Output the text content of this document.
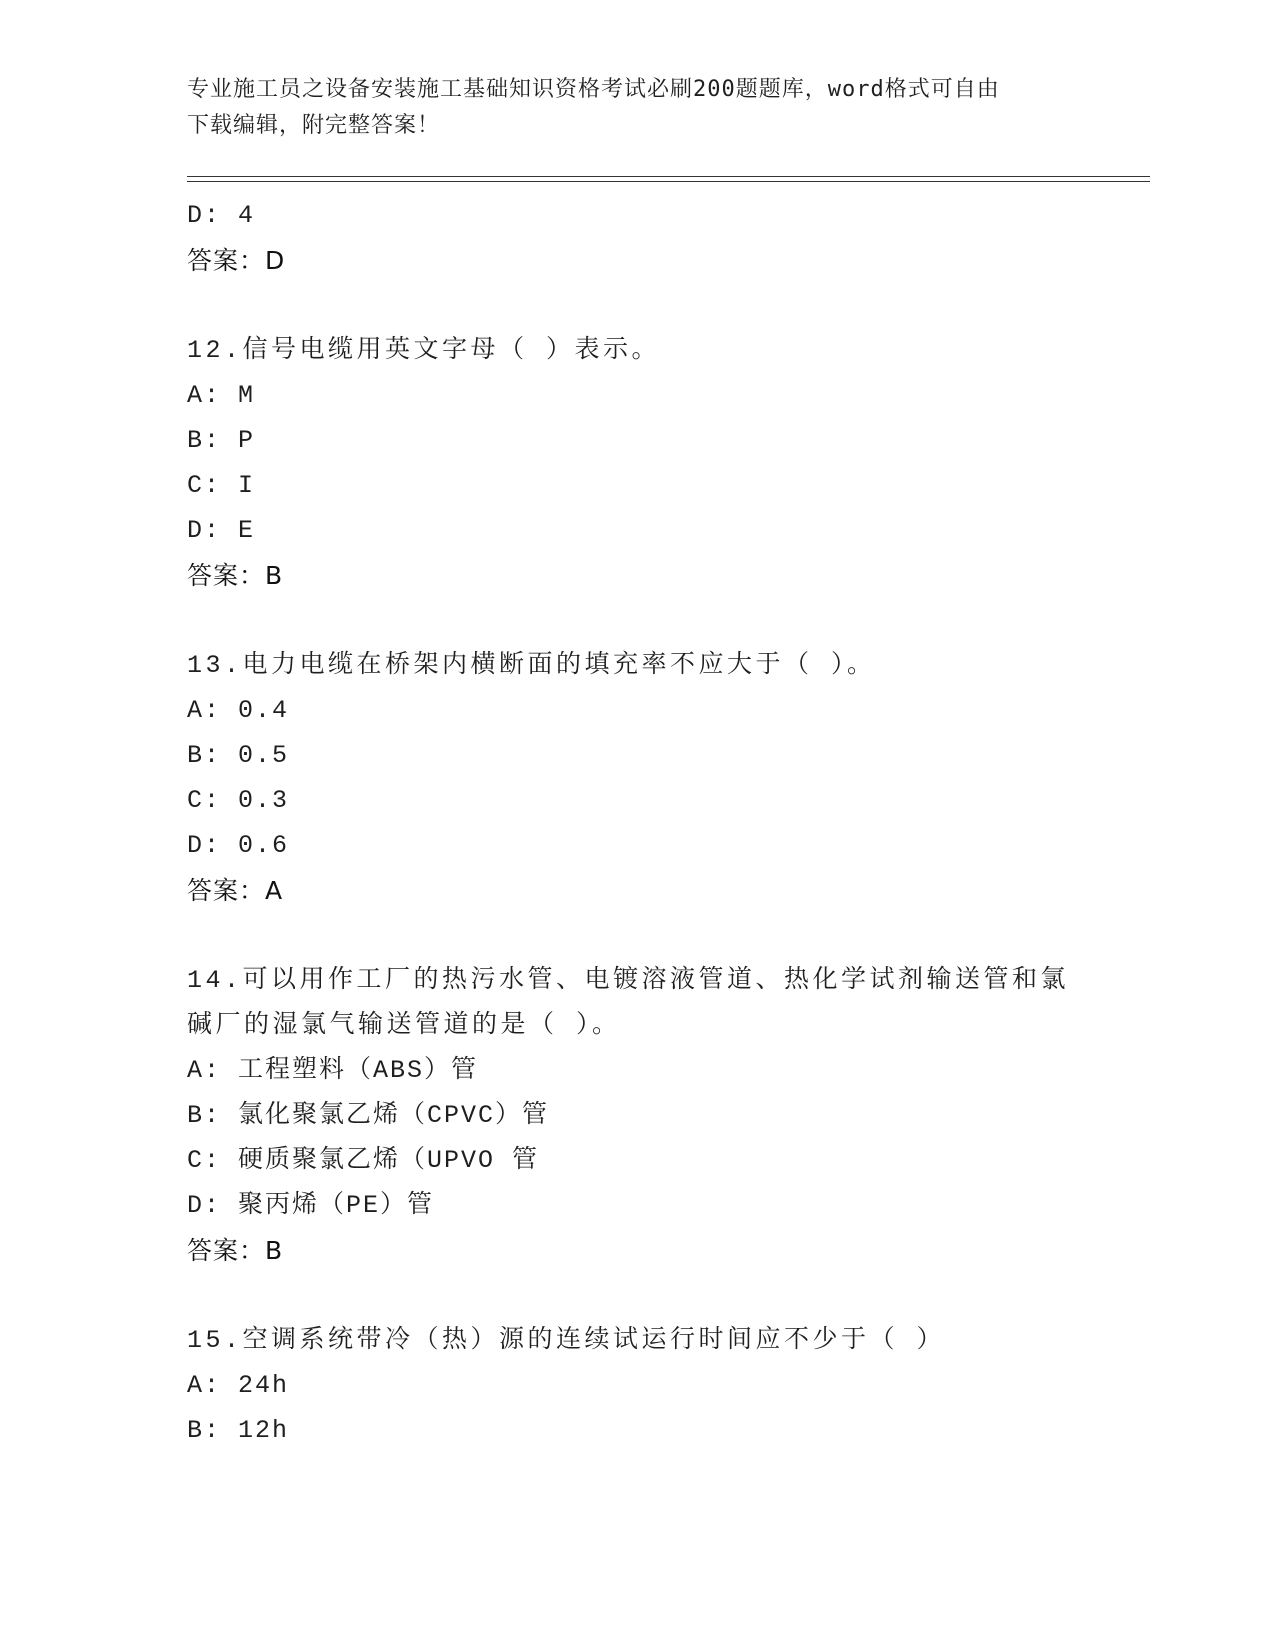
专业施工员之设备安装施工基础知识资格考试必刷200题题库，word格式可自由
下载编辑，附完整答案！
D: 4
答案：D
12.信号电缆用英文字母（ ）表示。
A: M
B: P
C: I
D: E
答案：B
13.电力电缆在桥架内横断面的填充率不应大于（ ）。
A: 0.4
B: 0.5
C: 0.3
D: 0.6
答案：A
14.可以用作工厂的热污水管、电镀溶液管道、热化学试剂输送管和氯
碱厂的湿氯气输送管道的是（ ）。
A: 工程塑料（ABS）管
B: 氯化聚氯乙烯（CPVC）管
C: 硬质聚氯乙烯（UPVO 管
D: 聚丙烯（PE）管
答案：B
15.空调系统带冷（热）源的连续试运行时间应不少于（ ）
A: 24h
B: 12h
